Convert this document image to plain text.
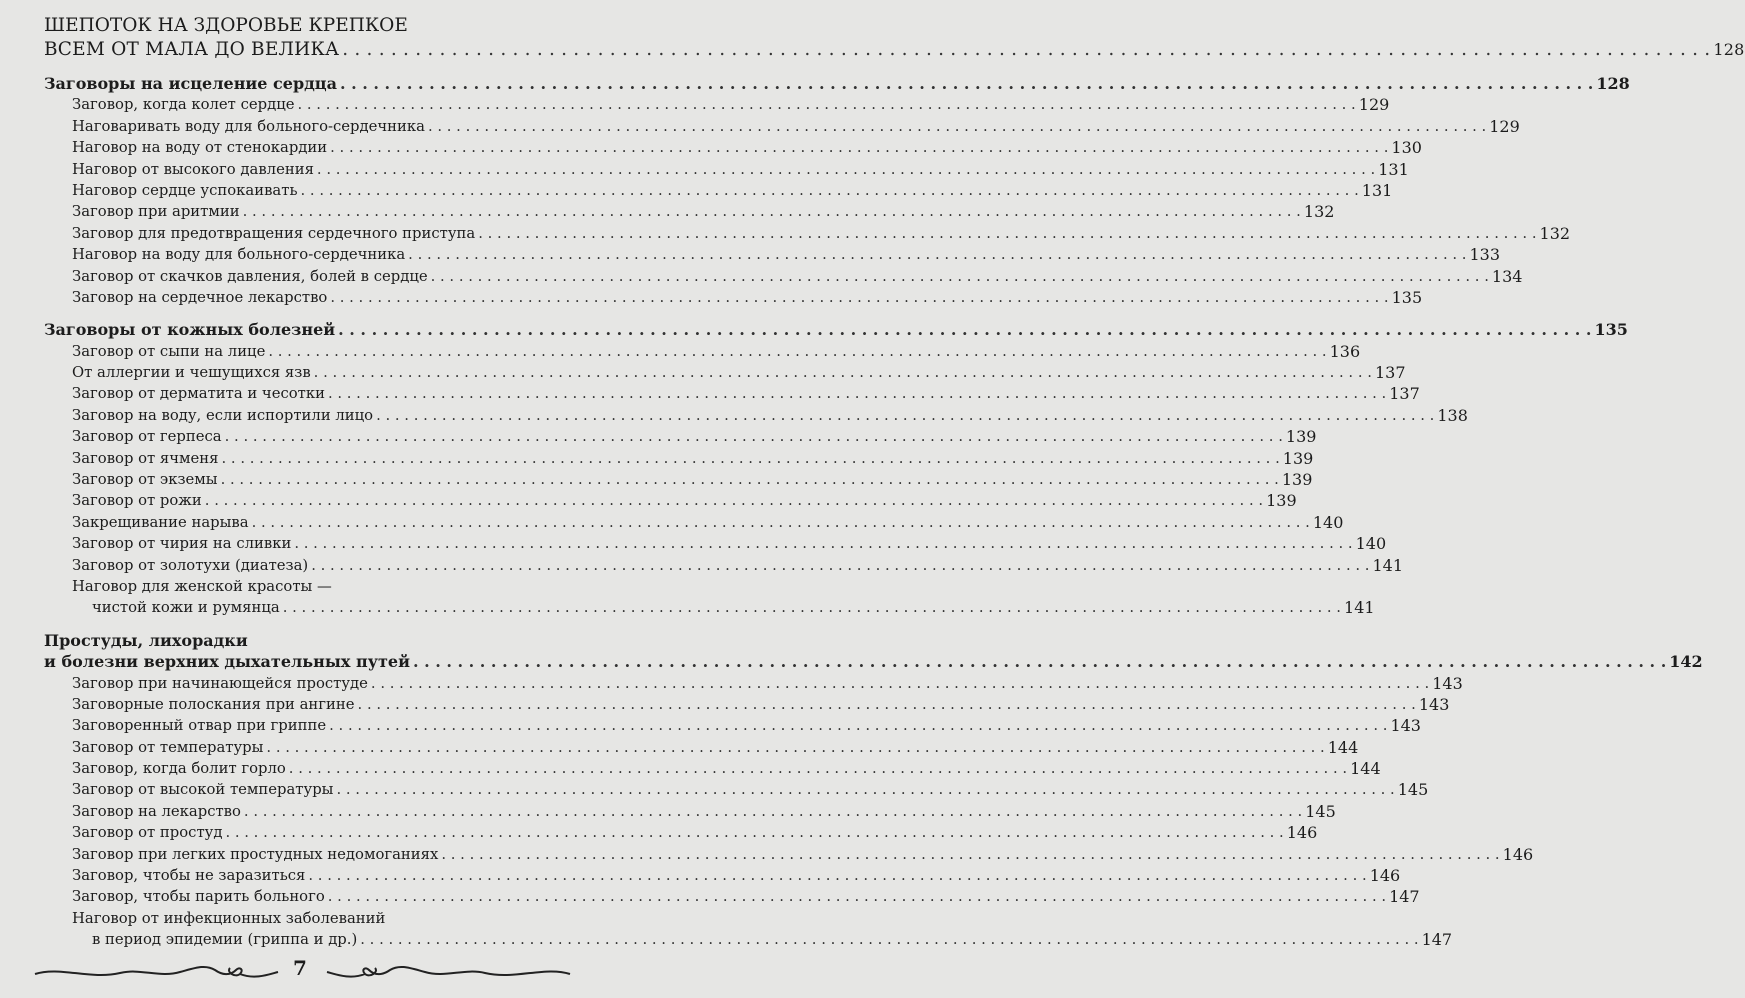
ШЕПОТОК НА ЗДОРОВЬЕ КРЕПКОЕ
ВСЕМ ОТ МАЛА ДО ВЕЛИКА . . .	128
Заговоры на исцеление сердца . . .	128
Заговор, когда колет сердце . . .	129
Наговаривать воду для больного-сердечника . . .	129
Наговор на воду от стенокардии . . .	130
Наговор от высокого давления . . .	131
Наговор сердце успокаивать . . .	131
Заговор при аритмии . . .	132
Заговор для предотвращения сердечного приступа . . .	132
Наговор на воду для больного-сердечника . . .	133
Заговор от скачков давления, болей в сердце . . .	134
Заговор на сердечное лекарство . . .	135
Заговоры от кожных болезней . . .	135
Заговор от сыпи на лице . . .	136
От аллергии и чешущихся язв . . .	137
Заговор от дерматита и чесотки . . .	137
Заговор на воду, если испортили лицо . . .	138
Заговор от герпеса . . .	139
Заговор от ячменя . . .	139
Заговор от экземы . . .	139
Заговор от рожи . . .	139
Закрещивание нарыва . . .	140
Заговор от чирия на сливки . . .	140
Заговор от золотухи (диатеза) . . .	141
Наговор для женской красоты —
чистой кожи и румянца . . .	141
Простуды, лихорадки
и болезни верхних дыхательных путей . . .	142
Заговор при начинающейся простуде . . .	143
Заговорные полоскания при ангине . . .	143
Заговоренный отвар при гриппе . . .	143
Заговор от температуры . . .	144
Заговор, когда болит горло . . .	144
Заговор от высокой температуры . . .	145
Заговор на лекарство . . .	145
Заговор от простуд . . .	146
Заговор при легких простудных недомоганиях . . .	146
Заговор, чтобы не заразиться . . .	146
Заговор, чтобы парить больного . . .	147
Наговор от инфекционных заболеваний
в период эпидемии (гриппа и др.) . . .	147
7
